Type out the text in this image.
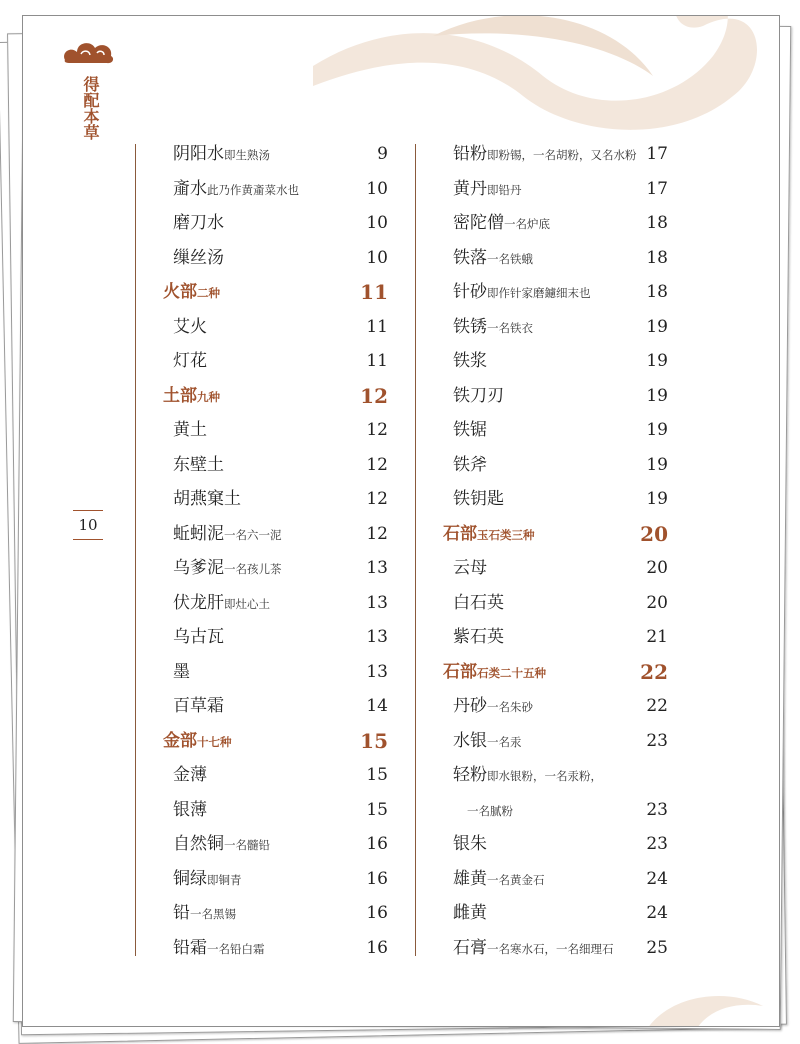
得配本草
10
阴阳水即生熟汤	9
齑水此乃作黄齑菜水也	10
磨刀水	10
缫丝汤	10
火部二种	11
艾火	11
灯花	11
土部九种	12
黄土	12
东壁土	12
胡燕窠土	12
蚯蚓泥一名六一泥	12
乌爹泥一名孩儿茶	13
伏龙肝即灶心土	13
乌古瓦	13
墨	13
百草霜	14
金部十七种	15
金薄	15
银薄	15
自然铜一名髓铅	16
铜绿即铜青	16
铅一名黑锡	16
铅霜一名铅白霜	16
铅粉即粉锡，一名胡粉，又名水粉 17
黄丹即铅丹	17
密陀僧一名炉底	18
铁落一名铁蛾	18
针砂即作针家磨鑢细末也	18
铁锈一名铁衣	19
铁浆	19
铁刀刃	19
铁锯	19
铁斧	19
铁钥匙	19
石部玉石类三种	20
云母	20
白石英	20
紫石英	21
石部石类二十五种	22
丹砂一名朱砂	22
水银一名汞	23
轻粉即水银粉，一名汞粉，
一名腻粉	23
银朱	23
雄黄一名黄金石	24
雌黄	24
石膏一名寒水石，一名细理石 25
